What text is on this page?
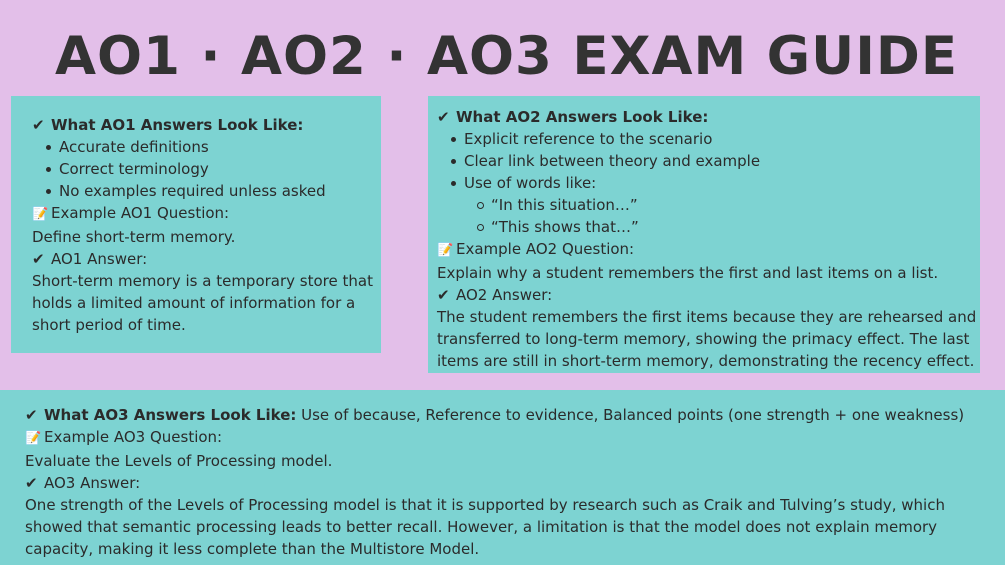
AO1 · AO2 · AO3 EXAM GUIDE
✔ What AO1 Answers Look Like:
Accurate definitions
Correct terminology
No examples required unless asked
📝 Example AO1 Question:
Define short-term memory.
✔ AO1 Answer:
Short-term memory is a temporary store that
holds a limited amount of information for a
short period of time.
✔ What AO2 Answers Look Like:
Explicit reference to the scenario
Clear link between theory and example
Use of words like:
“In this situation…”
“This shows that…”
📝 Example AO2 Question:
Explain why a student remembers the first and last items on a list.
✔ AO2 Answer:
The student remembers the first items because they are rehearsed and
transferred to long-term memory, showing the primacy effect. The last
items are still in short-term memory, demonstrating the recency effect.
✔ What AO3 Answers Look Like: Use of because, Reference to evidence, Balanced points (one strength + one weakness)
📝 Example AO3 Question:
Evaluate the Levels of Processing model.
✔ AO3 Answer:
One strength of the Levels of Processing model is that it is supported by research such as Craik and Tulving’s study, which
showed that semantic processing leads to better recall. However, a limitation is that the model does not explain memory
capacity, making it less complete than the Multistore Model.
